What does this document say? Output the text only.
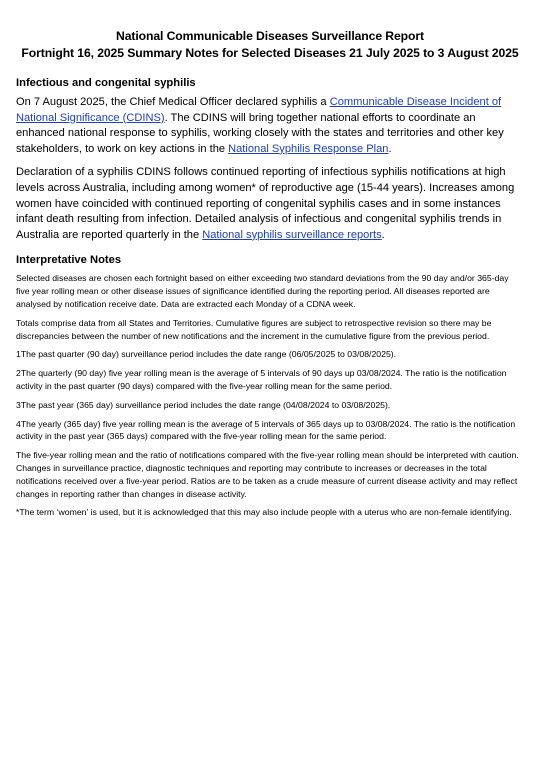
National Communicable Diseases Surveillance Report
Fortnight 16, 2025 Summary Notes for Selected Diseases 21 July 2025 to 3 August 2025
Infectious and congenital syphilis

On 7 August 2025, the Chief Medical Officer declared syphilis a Communicable Disease Incident of National Significance (CDINS). The CDINS will bring together national efforts to coordinate an enhanced national response to syphilis, working closely with the states and territories and other key stakeholders, to work on key actions in the National Syphilis Response Plan.

Declaration of a syphilis CDINS follows continued reporting of infectious syphilis notifications at high levels across Australia, including among women* of reproductive age (15-44 years). Increases among women have coincided with continued reporting of congenital syphilis cases and in some instances infant death resulting from infection. Detailed analysis of infectious and congenital syphilis trends in Australia are reported quarterly in the National syphilis surveillance reports.

Interpretative Notes

Selected diseases are chosen each fortnight based on either exceeding two standard deviations from the 90 day and/or 365-day five year rolling mean or other disease issues of significance identified during the reporting period. All diseases reported are analysed by notification receive date. Data are extracted each Monday of a CDNA week.

Totals comprise data from all States and Territories. Cumulative figures are subject to retrospective revision so there may be discrepancies between the number of new notifications and the increment in the cumulative figure from the previous period.

1The past quarter (90 day) surveillance period includes the date range (06/05/2025 to 03/08/2025).

2The quarterly (90 day) five year rolling mean is the average of 5 intervals of 90 days up 03/08/2024. The ratio is the notification activity in the past quarter (90 days) compared with the five-year rolling mean for the same period.

3The past year (365 day) surveillance period includes the date range (04/08/2024 to 03/08/2025).

4The yearly (365 day) five year rolling mean is the average of 5 intervals of 365 days up to 03/08/2024. The ratio is the notification activity in the past year (365 days) compared with the five-year rolling mean for the same period.

The five-year rolling mean and the ratio of notifications compared with the five-year rolling mean should be interpreted with caution. Changes in surveillance practice, diagnostic techniques and reporting may contribute to increases or decreases in the total notifications received over a five-year period. Ratios are to be taken as a crude measure of current disease activity and may reflect changes in reporting rather than changes in disease activity.

*The term ‘women’ is used, but it is acknowledged that this may also include people with a uterus who are non-female identifying.
